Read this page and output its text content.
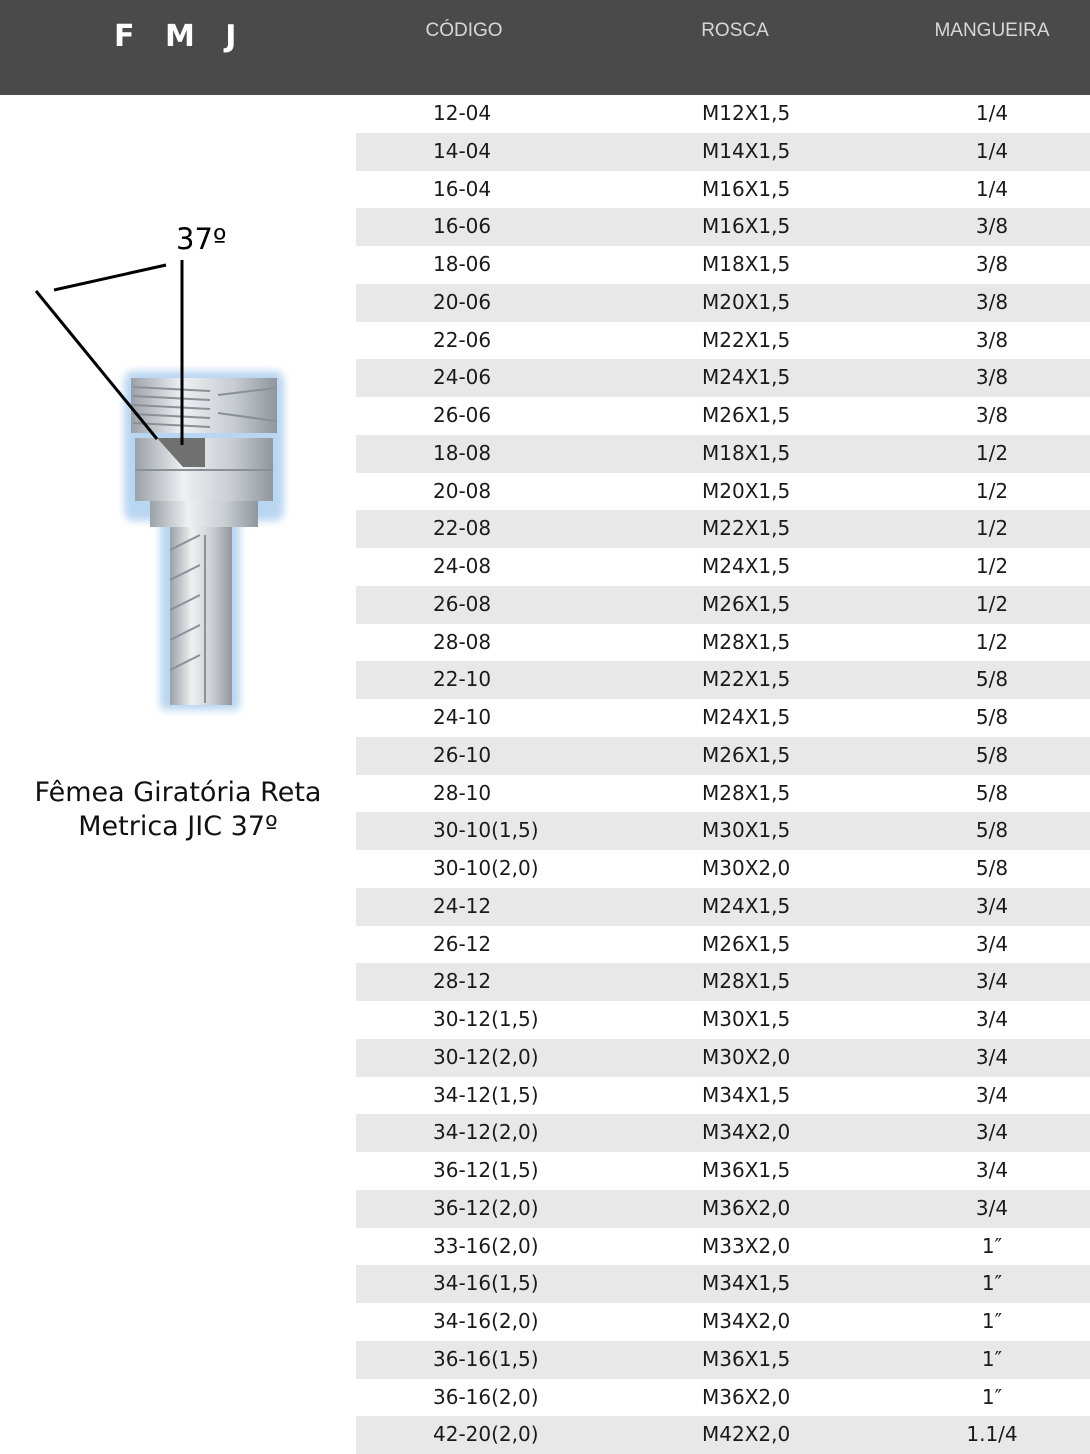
F M J	CÓDIGO	ROSCA	MANGUEIRA
37º
Fêmea Giratória Reta
Metrica JIC 37º
12-04	M12X1,5	1/4
14-04	M14X1,5	1/4
16-04	M16X1,5	1/4
16-06	M16X1,5	3/8
18-06	M18X1,5	3/8
20-06	M20X1,5	3/8
22-06	M22X1,5	3/8
24-06	M24X1,5	3/8
26-06	M26X1,5	3/8
18-08	M18X1,5	1/2
20-08	M20X1,5	1/2
22-08	M22X1,5	1/2
24-08	M24X1,5	1/2
26-08	M26X1,5	1/2
28-08	M28X1,5	1/2
22-10	M22X1,5	5/8
24-10	M24X1,5	5/8
26-10	M26X1,5	5/8
28-10	M28X1,5	5/8
30-10(1,5)	M30X1,5	5/8
30-10(2,0)	M30X2,0	5/8
24-12	M24X1,5	3/4
26-12	M26X1,5	3/4
28-12	M28X1,5	3/4
30-12(1,5)	M30X1,5	3/4
30-12(2,0)	M30X2,0	3/4
34-12(1,5)	M34X1,5	3/4
34-12(2,0)	M34X2,0	3/4
36-12(1,5)	M36X1,5	3/4
36-12(2,0)	M36X2,0	3/4
33-16(2,0)	M33X2,0	1″
34-16(1,5)	M34X1,5	1″
34-16(2,0)	M34X2,0	1″
36-16(1,5)	M36X1,5	1″
36-16(2,0)	M36X2,0	1″
42-20(2,0)	M42X2,0	1.1/4
